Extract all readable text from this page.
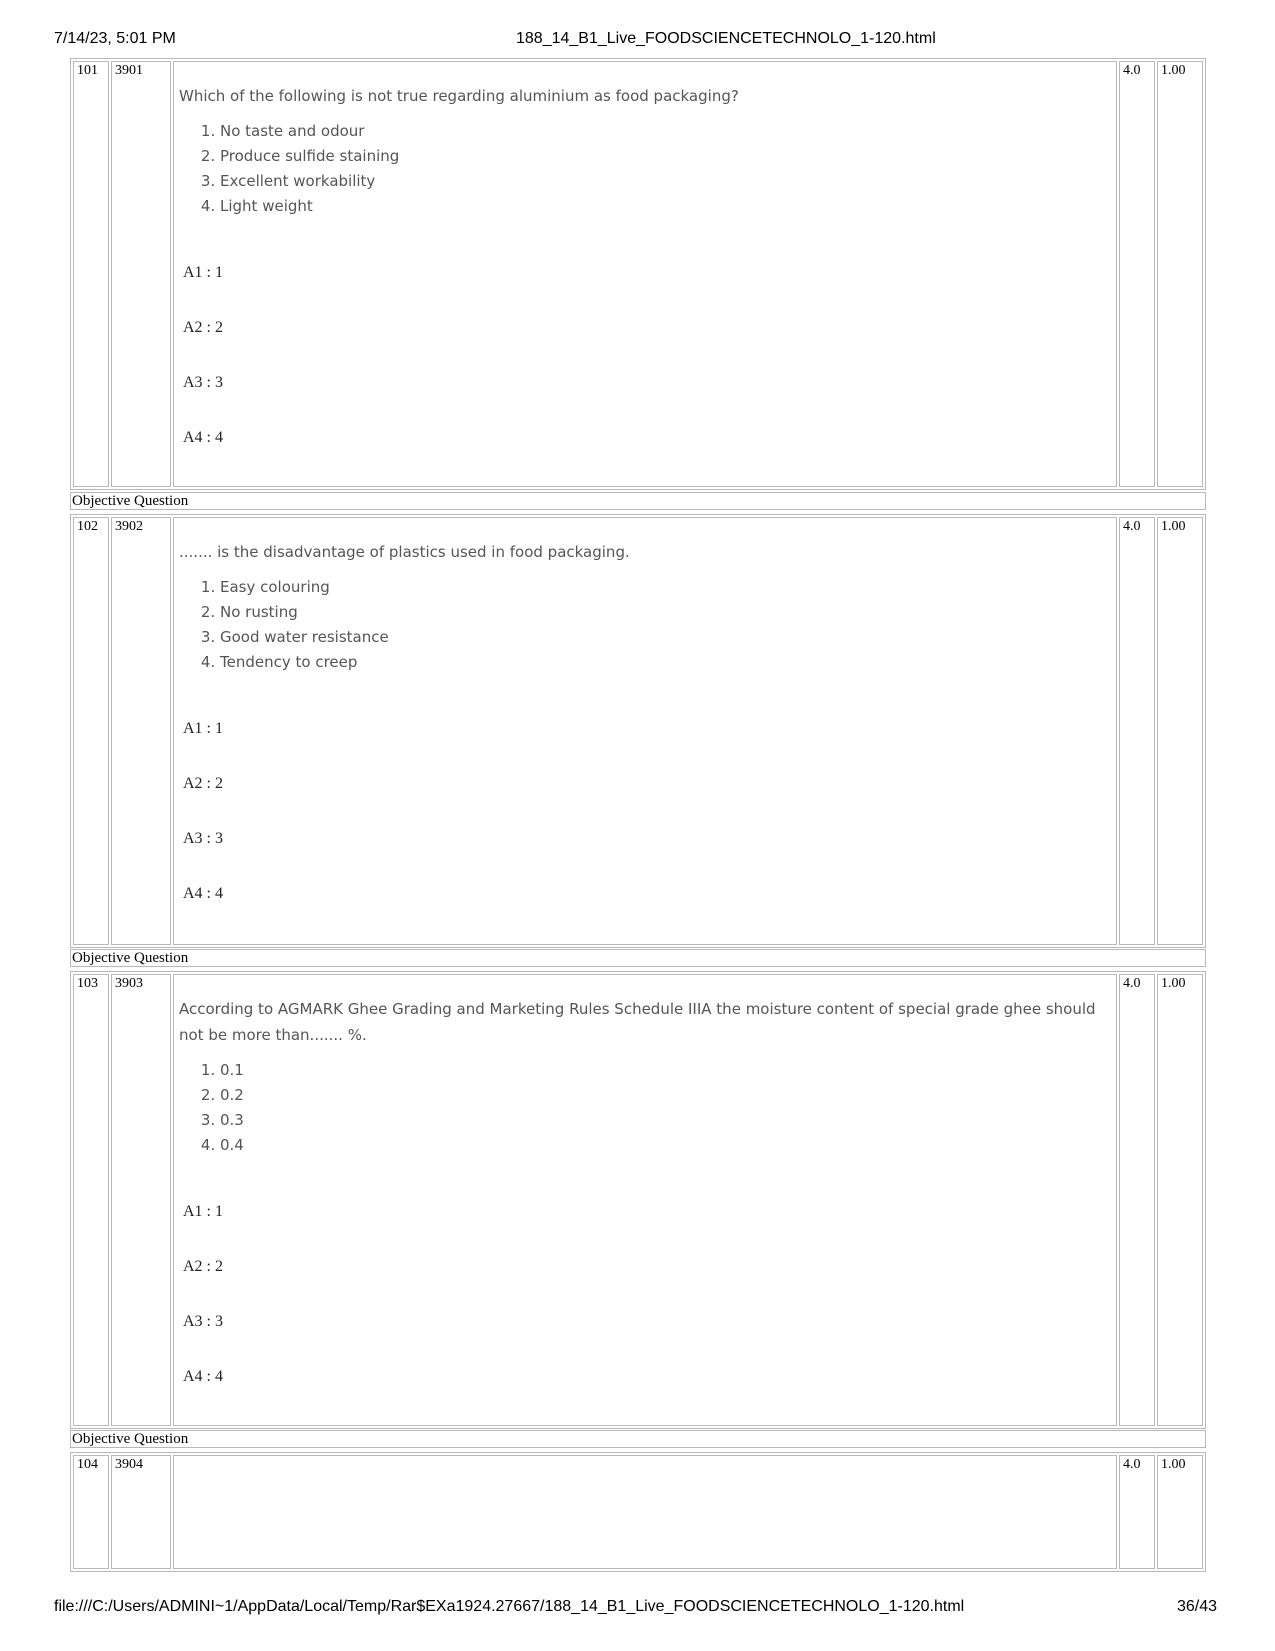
7/14/23, 5:01 PM	188_14_B1_Live_FOODSCIENCETECHNOLO_1-120.html
101	3901	
Which of the following is not true regarding aluminium as food packaging?
1. No taste and odour
2. Produce sulfide staining
3. Excellent workability
4. Light weight
A1 : 1
A2 : 2
A3 : 3
A4 : 4
	4.0	1.00
Objective Question
102	3902	
....... is the disadvantage of plastics used in food packaging.
1. Easy colouring
2. No rusting
3. Good water resistance
4. Tendency to creep
A1 : 1
A2 : 2
A3 : 3
A4 : 4
	4.0	1.00
Objective Question
103	3903	
According to AGMARK Ghee Grading and Marketing Rules Schedule IIIA the moisture content of special grade ghee should not be more than....... %.
1. 0.1
2. 0.2
3. 0.3
4. 0.4
A1 : 1
A2 : 2
A3 : 3
A4 : 4
	4.0	1.00
Objective Question
104	3904		4.0	1.00
file:///C:/Users/ADMINI~1/AppData/Local/Temp/Rar$EXa1924.27667/188_14_B1_Live_FOODSCIENCETECHNOLO_1-120.html	36/43
